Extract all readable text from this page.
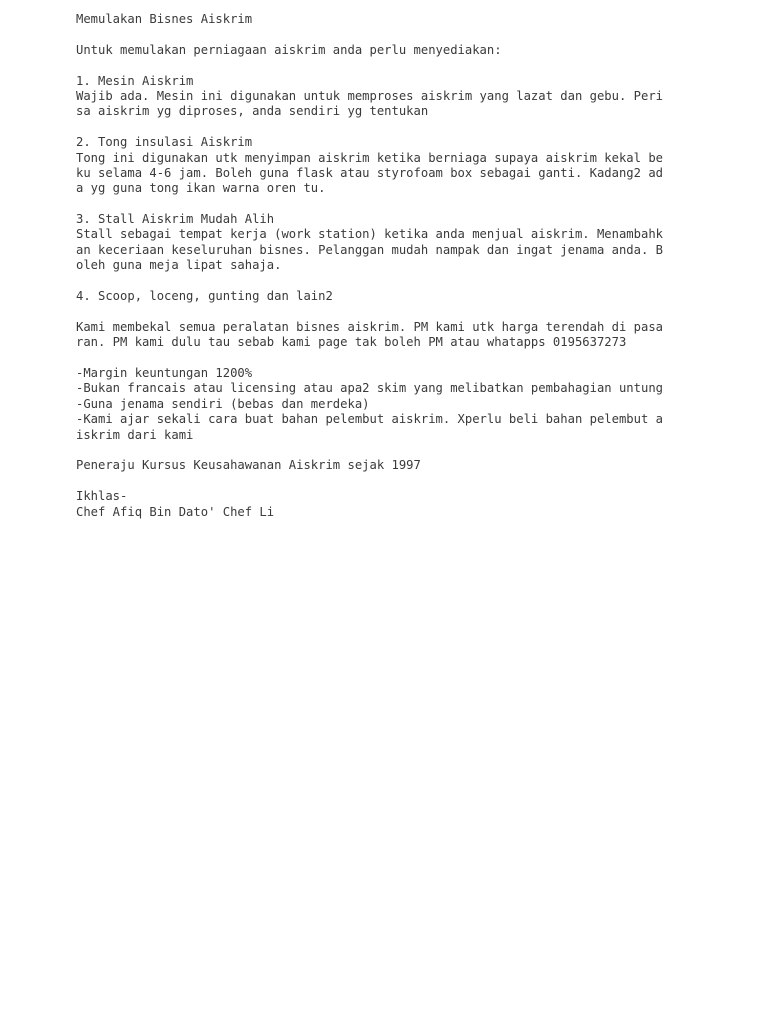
Memulakan Bisnes Aiskrim
Untuk memulakan perniagaan aiskrim anda perlu menyediakan:
1. Mesin Aiskrim
Wajib ada. Mesin ini digunakan untuk memproses aiskrim yang lazat dan gebu. Peri
sa aiskrim yg diproses, anda sendiri yg tentukan
2. Tong insulasi Aiskrim
Tong ini digunakan utk menyimpan aiskrim ketika berniaga supaya aiskrim kekal be
ku selama 4-6 jam. Boleh guna flask atau styrofoam box sebagai ganti. Kadang2 ad
a yg guna tong ikan warna oren tu.
3. Stall Aiskrim Mudah Alih
Stall sebagai tempat kerja (work station) ketika anda menjual aiskrim. Menambahk
an keceriaan keseluruhan bisnes. Pelanggan mudah nampak dan ingat jenama anda. B
oleh guna meja lipat sahaja.
4. Scoop, loceng, gunting dan lain2
Kami membekal semua peralatan bisnes aiskrim. PM kami utk harga terendah di pasa
ran. PM kami dulu tau sebab kami page tak boleh PM atau whatapps 0195637273
-Margin keuntungan 1200%
-Bukan francais atau licensing atau apa2 skim yang melibatkan pembahagian untung
-Guna jenama sendiri (bebas dan merdeka)
-Kami ajar sekali cara buat bahan pelembut aiskrim. Xperlu beli bahan pelembut a
iskrim dari kami
Peneraju Kursus Keusahawanan Aiskrim sejak 1997
Ikhlas-
Chef Afiq Bin Dato' Chef Li
